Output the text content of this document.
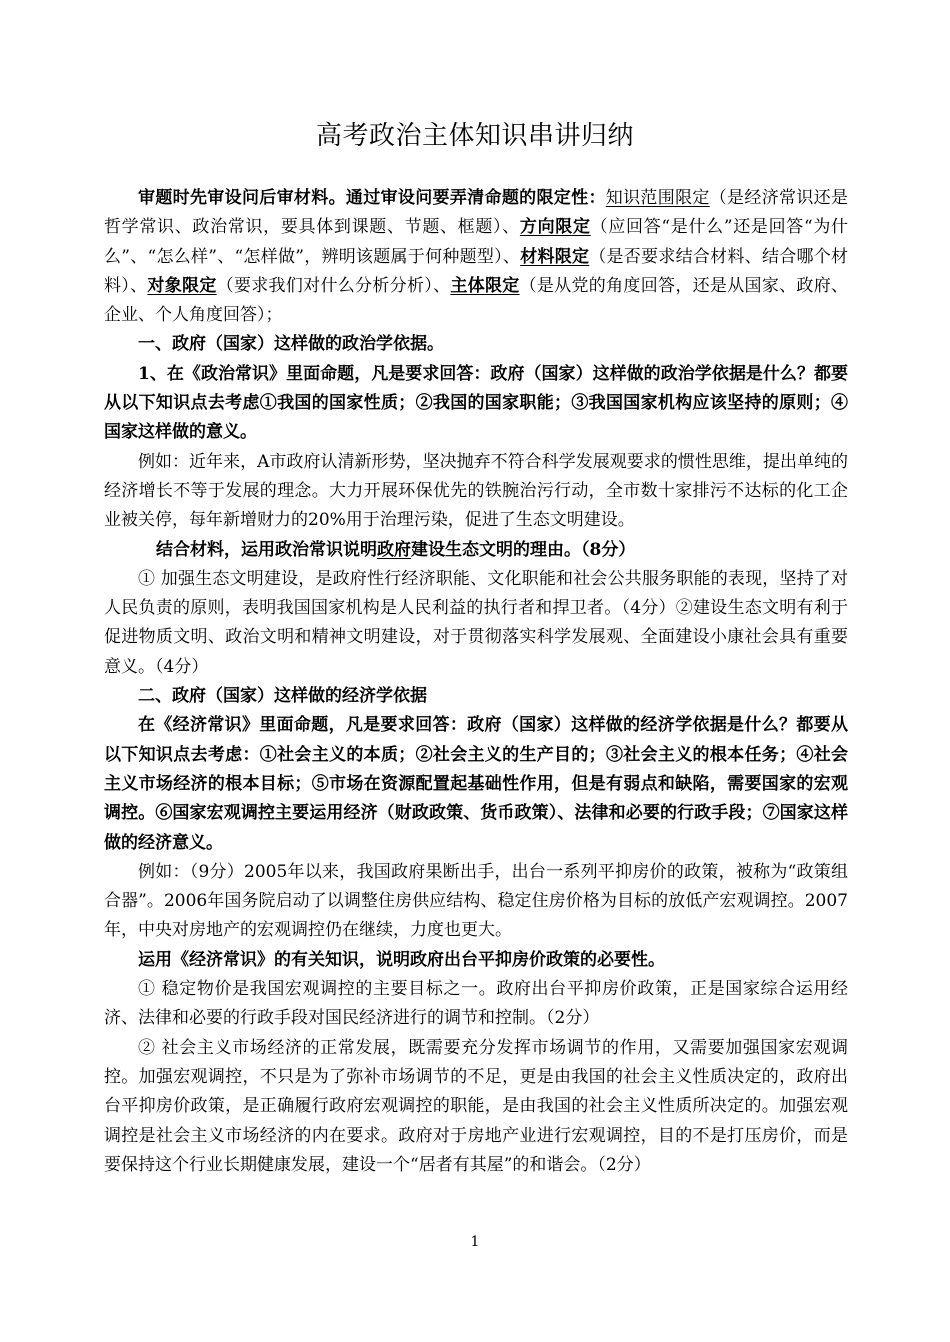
高考政治主体知识串讲归纳

审题时先审设问后审材料。通过审设问要弄清命题的限定性：知识范围限定（是经济常识还是哲学常识、政治常识，要具体到课题、节题、框题）、方向限定（应回答“是什么”还是回答“为什么”、“怎么样”、“怎样做”，辨明该题属于何种题型）、材料限定（是否要求结合材料、结合哪个材料）、对象限定（要求我们对什么分析分析）、主体限定（是从党的角度回答，还是从国家、政府、企业、个人角度回答）；

一、政府（国家）这样做的政治学依据。

1、在《政治常识》里面命题，凡是要求回答：政府（国家）这样做的政治学依据是什么？都要从以下知识点去考虑①我国的国家性质；②我国的国家职能；③我国国家机构应该坚持的原则；④国家这样做的意义。

例如：近年来，A市政府认清新形势，坚决抛弃不符合科学发展观要求的惯性思维，提出单纯的经济增长不等于发展的理念。大力开展环保优先的铁腕治污行动，全市数十家排污不达标的化工企业被关停，每年新增财力的20%用于治理污染，促进了生态文明建设。

结合材料，运用政治常识说明政府建设生态文明的理由。（8分）

① 加强生态文明建设，是政府性行经济职能、文化职能和社会公共服务职能的表现，坚持了对人民负责的原则，表明我国国家机构是人民利益的执行者和捍卫者。（4分）②建设生态文明有利于促进物质文明、政治文明和精神文明建设，对于贯彻落实科学发展观、全面建设小康社会具有重要意义。（4分）

二、政府（国家）这样做的经济学依据

在《经济常识》里面命题，凡是要求回答：政府（国家）这样做的经济学依据是什么？都要从以下知识点去考虑：①社会主义的本质；②社会主义的生产目的；③社会主义的根本任务；④社会主义市场经济的根本目标；⑤市场在资源配置起基础性作用，但是有弱点和缺陷，需要国家的宏观调控。⑥国家宏观调控主要运用经济（财政政策、货币政策）、法律和必要的行政手段；⑦国家这样做的经济意义。

例如：（9分）2005年以来，我国政府果断出手，出台一系列平抑房价的政策，被称为“政策组合器”。2006年国务院启动了以调整住房供应结构、稳定住房价格为目标的放低产宏观调控。2007年，中央对房地产的宏观调控仍在继续，力度也更大。

运用《经济常识》的有关知识，说明政府出台平抑房价政策的必要性。

① 稳定物价是我国宏观调控的主要目标之一。政府出台平抑房价政策，正是国家综合运用经济、法律和必要的行政手段对国民经济进行的调节和控制。（2分）

② 社会主义市场经济的正常发展，既需要充分发挥市场调节的作用，又需要加强国家宏观调控。加强宏观调控，不只是为了弥补市场调节的不足，更是由我国的社会主义性质决定的，政府出台平抑房价政策，是正确履行政府宏观调控的职能，是由我国的社会主义性质所决定的。加强宏观调控是社会主义市场经济的内在要求。政府对于房地产业进行宏观调控，目的不是打压房价，而是要保持这个行业长期健康发展，建设一个“居者有其屋”的和谐会。（2分）

1
